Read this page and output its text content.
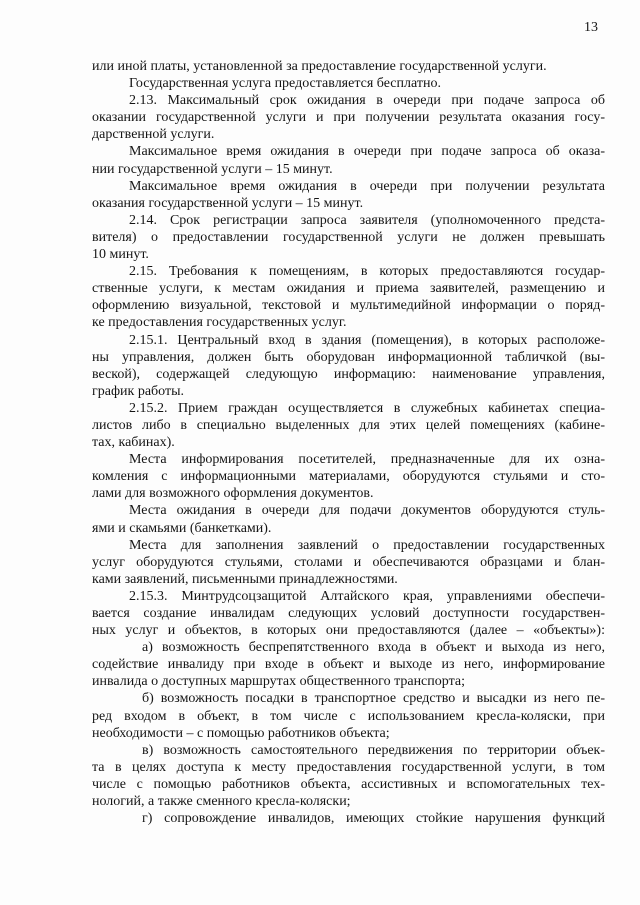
13
или иной платы, установленной за предоставление государственной услуги.
Государственная услуга предоставляется бесплатно.
2.13. Максимальный срок ожидания в очереди при подаче запроса об
оказании государственной услуги и при получении результата оказания госу-
дарственной услуги.
Максимальное время ожидания в очереди при подаче запроса об оказа-
нии государственной услуги – 15 минут.
Максимальное время ожидания в очереди при получении результата
оказания государственной услуги – 15 минут.
2.14. Срок регистрации запроса заявителя (уполномоченного предста-
вителя) о предоставлении государственной услуги не должен превышать
10 минут.
2.15. Требования к помещениям, в которых предоставляются государ-
ственные услуги, к местам ожидания и приема заявителей, размещению и
оформлению визуальной, текстовой и мультимедийной информации о поряд-
ке предоставления государственных услуг.
2.15.1. Центральный вход в здания (помещения), в которых расположе-
ны управления, должен быть оборудован информационной табличкой (вы-
веской), содержащей следующую информацию: наименование управления,
график работы.
2.15.2. Прием граждан осуществляется в служебных кабинетах специа-
листов либо в специально выделенных для этих целей помещениях (кабине-
тах, кабинах).
Места информирования посетителей, предназначенные для их озна-
комления с информационными материалами, оборудуются стульями и сто-
лами для возможного оформления документов.
Места ожидания в очереди для подачи документов оборудуются стуль-
ями и скамьями (банкетками).
Места для заполнения заявлений о предоставлении государственных
услуг оборудуются стульями, столами и обеспечиваются образцами и блан-
ками заявлений, письменными принадлежностями.
2.15.3. Минтрудсоцзащитой Алтайского края, управлениями обеспечи-
вается создание инвалидам следующих условий доступности государствен-
ных услуг и объектов, в которых они предоставляются (далее – «объекты»):
а) возможность беспрепятственного входа в объект и выхода из него,
содействие инвалиду при входе в объект и выходе из него, информирование
инвалида о доступных маршрутах общественного транспорта;
б) возможность посадки в транспортное средство и высадки из него пе-
ред входом в объект, в том числе с использованием кресла-коляски, при
необходимости – с помощью работников объекта;
в) возможность самостоятельного передвижения по территории объек-
та в целях доступа к месту предоставления государственной услуги, в том
числе с помощью работников объекта, ассистивных и вспомогательных тех-
нологий, а также сменного кресла-коляски;
г) сопровождение инвалидов, имеющих стойкие нарушения функций
